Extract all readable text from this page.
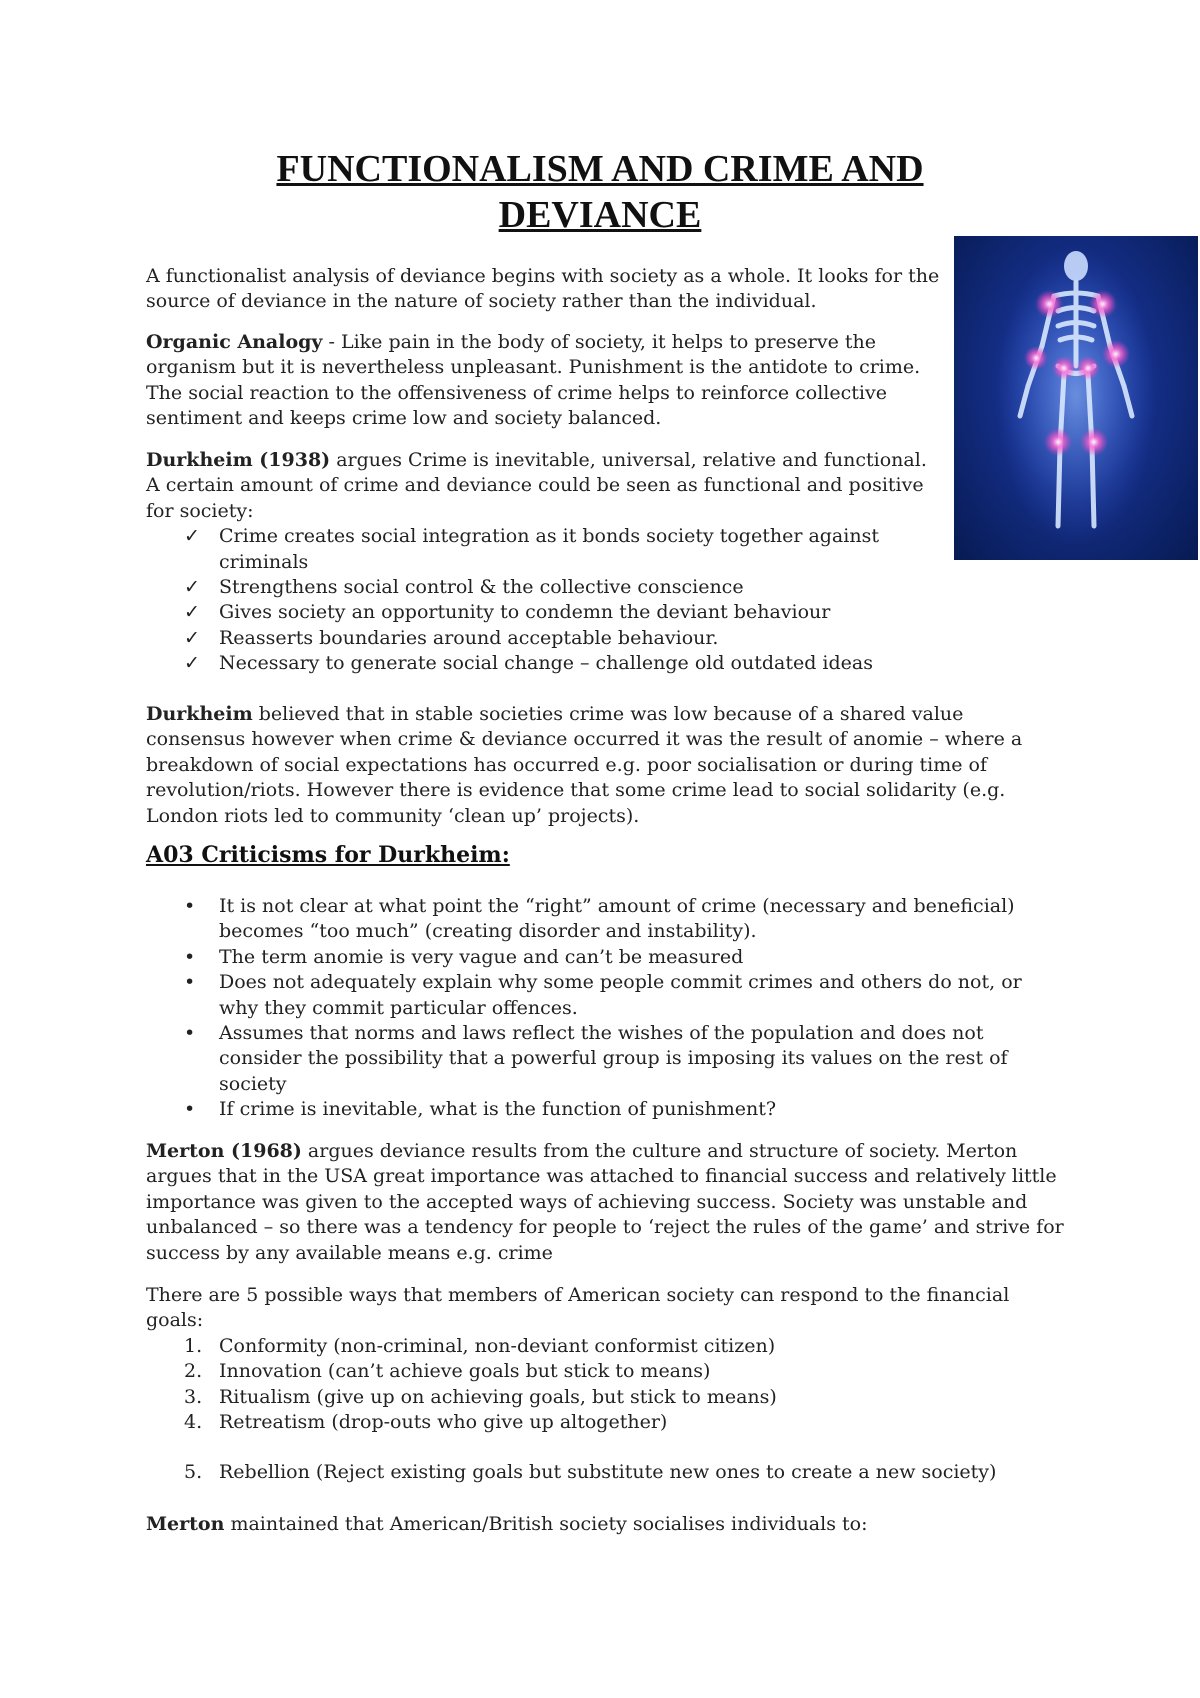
FUNCTIONALISM AND CRIME AND
DEVIANCE

A functionalist analysis of deviance begins with society as a whole. It looks for the source of deviance in the nature of society rather than the individual.

Organic Analogy - Like pain in the body of society, it helps to preserve the organism but it is nevertheless unpleasant. Punishment is the antidote to crime. The social reaction to the offensiveness of crime helps to reinforce collective sentiment and keeps crime low and society balanced.

Durkheim (1938) argues Crime is inevitable, universal, relative and functional. A certain amount of crime and deviance could be seen as functional and positive for society:

✓ Crime creates social integration as it bonds society together against criminals
✓ Strengthens social control & the collective conscience
✓ Gives society an opportunity to condemn the deviant behaviour
✓ Reasserts boundaries around acceptable behaviour.
✓ Necessary to generate social change – challenge old outdated ideas

Durkheim believed that in stable societies crime was low because of a shared value consensus however when crime & deviance occurred it was the result of anomie – where a breakdown of social expectations has occurred e.g. poor socialisation or during time of revolution/riots. However there is evidence that some crime lead to social solidarity (e.g. London riots led to community ‘clean up’ projects).

A03 Criticisms for Durkheim:
• It is not clear at what point the “right” amount of crime (necessary and beneficial) becomes “too much” (creating disorder and instability).
• The term anomie is very vague and can’t be measured
• Does not adequately explain why some people commit crimes and others do not, or why they commit particular offences.
• Assumes that norms and laws reflect the wishes of the population and does not consider the possibility that a powerful group is imposing its values on the rest of society
• If crime is inevitable, what is the function of punishment?

Merton (1968) argues deviance results from the culture and structure of society. Merton argues that in the USA great importance was attached to financial success and relatively little importance was given to the accepted ways of achieving success. Society was unstable and unbalanced – so there was a tendency for people to ‘reject the rules of the game’ and strive for success by any available means e.g. crime

There are 5 possible ways that members of American society can respond to the financial goals:

1. Conformity (non-criminal, non-deviant conformist citizen)
2. Innovation (can’t achieve goals but stick to means)
3. Ritualism (give up on achieving goals, but stick to means)
4. Retreatism (drop-outs who give up altogether)
5. Rebellion (Reject existing goals but substitute new ones to create a new society)

Merton maintained that American/British society socialises individuals to:
